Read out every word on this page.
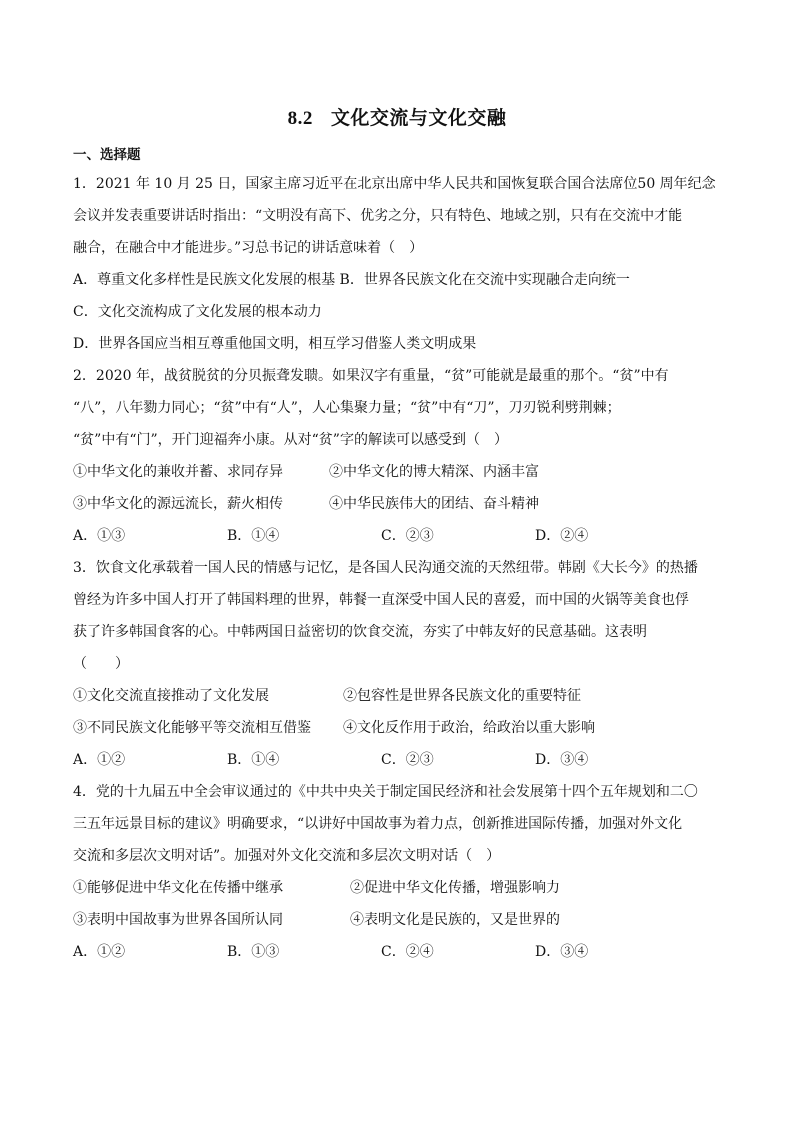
8.2 文化交流与文化交融
一、选择题
1．2021 年 10 月 25 日，国家主席习近平在北京出席中华人民共和国恢复联合国合法席位50 周年纪念
会议并发表重要讲话时指出：“文明没有高下、优劣之分，只有特色、地域之别，只有在交流中才能
融合，在融合中才能进步。”习总书记的讲话意味着（　）
A．尊重文化多样性是民族文化发展的根基 B．世界各民族文化在交流中实现融合走向统一
C．文化交流构成了文化发展的根本动力
D．世界各国应当相互尊重他国文明，相互学习借鉴人类文明成果
2．2020 年，战贫脱贫的分贝振聋发聩。如果汉字有重量，“贫”可能就是最重的那个。“贫”中有
“八”，八年勠力同心；“贫”中有“人”，人心集聚力量；“贫”中有“刀”，刀刃锐利劈荆棘；
“贫”中有“门”，开门迎福奔小康。从对“贫”字的解读可以感受到（　）
①中华文化的兼收并蓄、求同存异	②中华文化的博大精深、内涵丰富
③中华文化的源远流长，薪火相传	④中华民族伟大的团结、奋斗精神
A．①③	B．①④	C．②③	D．②④
3．饮食文化承载着一国人民的情感与记忆，是各国人民沟通交流的天然纽带。韩剧《大长今》的热播
曾经为许多中国人打开了韩国料理的世界，韩餐一直深受中国人民的喜爱，而中国的火锅等美食也俘
获了许多韩国食客的心。中韩两国日益密切的饮食交流，夯实了中韩友好的民意基础。这表明
（　　）
①文化交流直接推动了文化发展	②包容性是世界各民族文化的重要特征
③不同民族文化能够平等交流相互借鉴 ④文化反作用于政治，给政治以重大影响
A．①②	B．①④	C．②③	D．③④
4．党的十九届五中全会审议通过的《中共中央关于制定国民经济和社会发展第十四个五年规划和二〇
三五年远景目标的建议》明确要求，“以讲好中国故事为着力点，创新推进国际传播，加强对外文化
交流和多层次文明对话”。加强对外文化交流和多层次文明对话（　）
①能够促进中华文化在传播中继承	②促进中华文化传播，增强影响力
③表明中国故事为世界各国所认同	④表明文化是民族的，又是世界的
A．①②	B．①③	C．②④	D．③④
